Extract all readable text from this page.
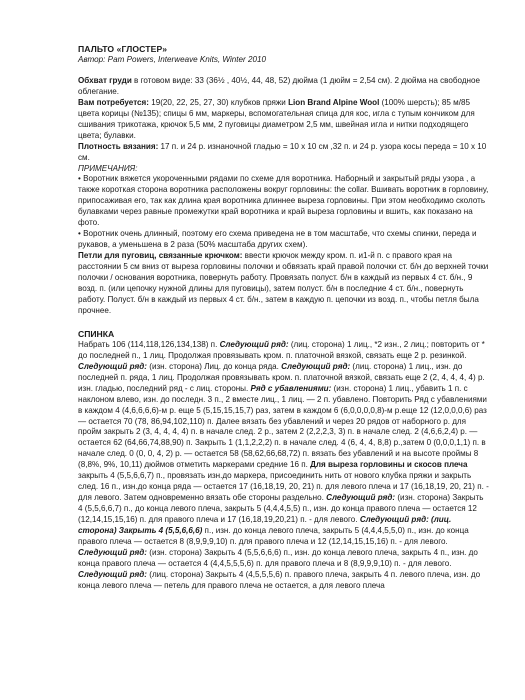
ПАЛЬТО «ГЛОСТЕР»
Автор: Pam Powers, Interweave Knits, Winter 2010

Обхват груди в готовом виде: 33 (36½ , 40½, 44, 48, 52) дюйма (1 дюйм = 2,54 см). 2 дюйма на свободное облегание.

Вам потребуется: 19(20, 22, 25, 27, 30) клубков пряжи Lion Brand Alpine Wool (100% шерсть); 85 м/85 цвета корицы (№135); спицы 6 мм, маркеры, вспомогательная спица для кос, игла с тупым кончиком для сшивания трикотажа, крючок 5,5 мм, 2 пуговицы диаметром 2,5 мм, швейная игла и нитки подходящего цвета; булавки.

Плотность вязания: 17 п. и 24 р. изнаночной гладью = 10 х 10 см ,32 п. и 24 р. узора косы переда = 10 х 10 см.

ПРИМЕЧАНИЯ:

• Воротник вяжется укороченными рядами по схеме для воротника. Наборный и закрытый ряды узора , а также короткая сторона воротника расположены вокруг горловины: the collar. Вшивать воротник в горловину, припосаживая его, так как длина края воротника длиннее выреза горловины. При этом необходимо сколоть булавками через равные промежутки край воротника и край выреза горловины и вшить, как показано на фото.

• Воротник очень длинный, поэтому его схема приведена не в том масштабе, что схемы спинки, переда и рукавов, а уменьшена в 2 раза (50% масштаба других схем).

Петли для пуговиц, связанные крючком: ввести крючок между кром. п. и1-й п. с правого края на расстоянии 5 см вниз от выреза горловины полочки и обвязать край правой полочки ст. б/н до верхней точки полочки / основания воротника, повернуть работу. Провязать полуст. б/н в каждый из первых 4 ст. б/н., 9 возд. п. (или цепочку нужной длины для пуговицы), затем полуст. б/н в последние 4 ст. б/н., повернуть работу. Полуст. б/н в каждый из первых 4 ст. б/н., затем в каждую п. цепочки из возд. п., чтобы петля была прочнее.

СПИНКА

Набрать 106 (114,118,126,134,138) п. Следующий ряд: (лиц. сторона) 1 лиц., *2 изн., 2 лиц.; повторить от * до последней п., 1 лиц. Продолжая провязывать кром. п. платочной вязкой, связать еще 2 р. резинкой. Следующий ряд: (изн. сторона) Лиц. до конца ряда. Следующий ряд: (лиц. сторона) 1 лиц., изн. до последней п. ряда, 1 лиц. Продолжая провязывать кром. п. платочной вязкой, связать еще 2 (2, 4, 4, 4, 4) р. изн. гладью, последний ряд - с лиц. стороны. Ряд с убавлениями: (изн. сторона) 1 лиц., убавить 1 п. с наклоном влево, изн. до последн. 3 п., 2 вместе лиц., 1 лиц. — 2 п. убавлено. Повторить Ряд с убавлениями в каждом 4 (4,6,6,6,6)-м р. еще 5 (5,15,15,15,7) раз, затем в каждом 6 (6,0,0,0,0,8)-м р.еще 12 (12,0,0,0,6) раз — остается 70 (78, 86,94,102,110) п. Далее вязать без убавлений и через 20 рядов от наборного р. для пройм закрыть 2 (3, 4, 4, 4, 4) п. в начале след. 2 р., затем 2 (2,2,2,3, 3) п. в начале след. 2 (4,6,6,2,4) р. — остается 62 (64,66,74,88,90) п. Закрыть 1 (1,1,2,2,2) п. в начале след. 4 (6, 4, 4, 8,8) р.,затем 0 (0,0,0,1,1) п. в начале след. 0 (0, 0, 4, 2) р. — остается 58 (58,62,66,68,72) п. вязать без убавлений и на высоте проймы 8 (8,8%, 9%, 10,11) дюймов отметить маркерами средние 16 п. Для выреза горловины и скосов плеча закрыть 4 (5,5,6,6,7) п., провязать изн.до маркера, присоединить нить от нового клубка пряжи и закрыть след. 16 п., изн.до конца ряда — остается 17 (16,18,19, 20, 21) п. для левого плеча и 17 (16,18,19, 20, 21) п. - для левого. Затем одновременно вязать обе стороны раздельно. Следующий ряд: (изн. сторона) Закрыть 4 (5,5,6,6,7) п., до конца левого плеча, закрыть 5 (4,4,4,5,5) п., изн. до конца правого плеча — остается 12 (12,14,15,15,16) п. для правого плеча и 17 (16,18,19,20,21) п. - для левого. Следующий ряд: (лиц. сторона) Закрыть 4 (5,5,6,6,6) п., изн. до конца левого плеча, закрыть 5 (4,4,4,5,5,0) п., изн. до конца правого плеча — остается 8 (8,9,9,9,10) п. для правого плеча и 12 (12,14,15,15,16) п. - для левого. Следующий ряд: (изн. сторона) Закрыть 4 (5,5,6,6,6) п., изн. до конца левого плеча, закрыть 4 п., изн. до конца правого плеча — остается 4 (4,4,5,5,5,6) п. для правого плеча и 8 (8,9,9,9,10) п. - для левого. Следующий ряд: (лиц. сторона) Закрыть 4 (4,5,5,5,6) п. правого плеча, закрыть 4 п. левого плеча, изн. до конца левого плеча — петель для правого плеча не остается, а для левого плеча
